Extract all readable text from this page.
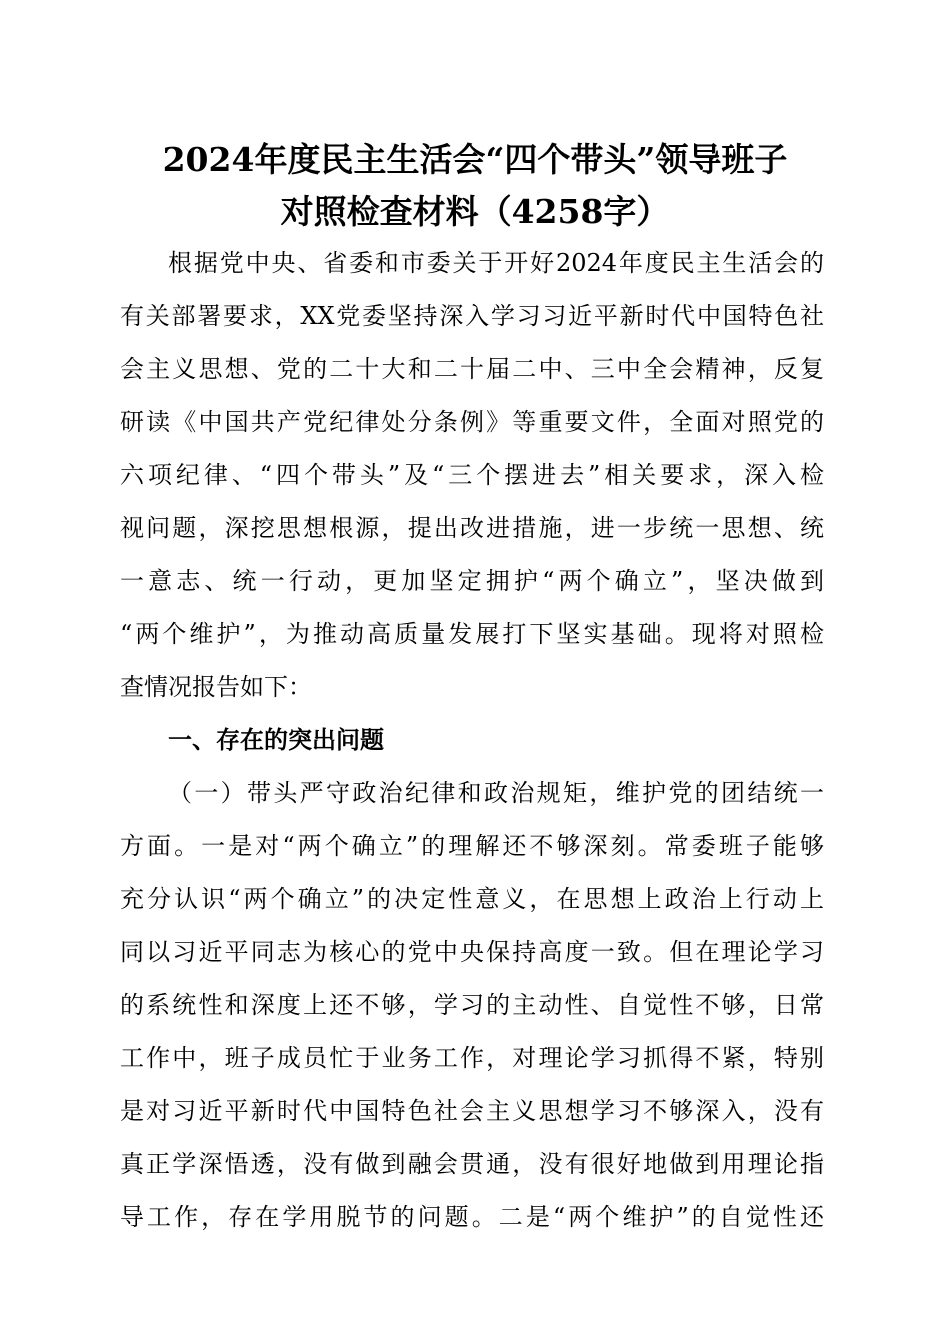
2024年度民主生活会“四个带头”领导班子
对照检查材料（4258字）
根据党中央、省委和市委关于开好2024年度民主生活会的
有关部署要求，XX党委坚持深入学习习近平新时代中国特色社
会主义思想、党的二十大和二十届二中、三中全会精神，反复
研读《中国共产党纪律处分条例》等重要文件，全面对照党的
六项纪律、“四个带头”及“三个摆进去”相关要求，深入检
视问题，深挖思想根源，提出改进措施，进一步统一思想、统
一意志、统一行动，更加坚定拥护“两个确立”，坚决做到
“两个维护”，为推动高质量发展打下坚实基础。现将对照检
查情况报告如下：
一、存在的突出问题
（一）带头严守政治纪律和政治规矩，维护党的团结统一
方面。一是对“两个确立”的理解还不够深刻。常委班子能够
充分认识“两个确立”的决定性意义，在思想上政治上行动上
同以习近平同志为核心的党中央保持高度一致。但在理论学习
的系统性和深度上还不够，学习的主动性、自觉性不够，日常
工作中，班子成员忙于业务工作，对理论学习抓得不紧，特别
是对习近平新时代中国特色社会主义思想学习不够深入，没有
真正学深悟透，没有做到融会贯通，没有很好地做到用理论指
导工作，存在学用脱节的问题。二是“两个维护”的自觉性还
